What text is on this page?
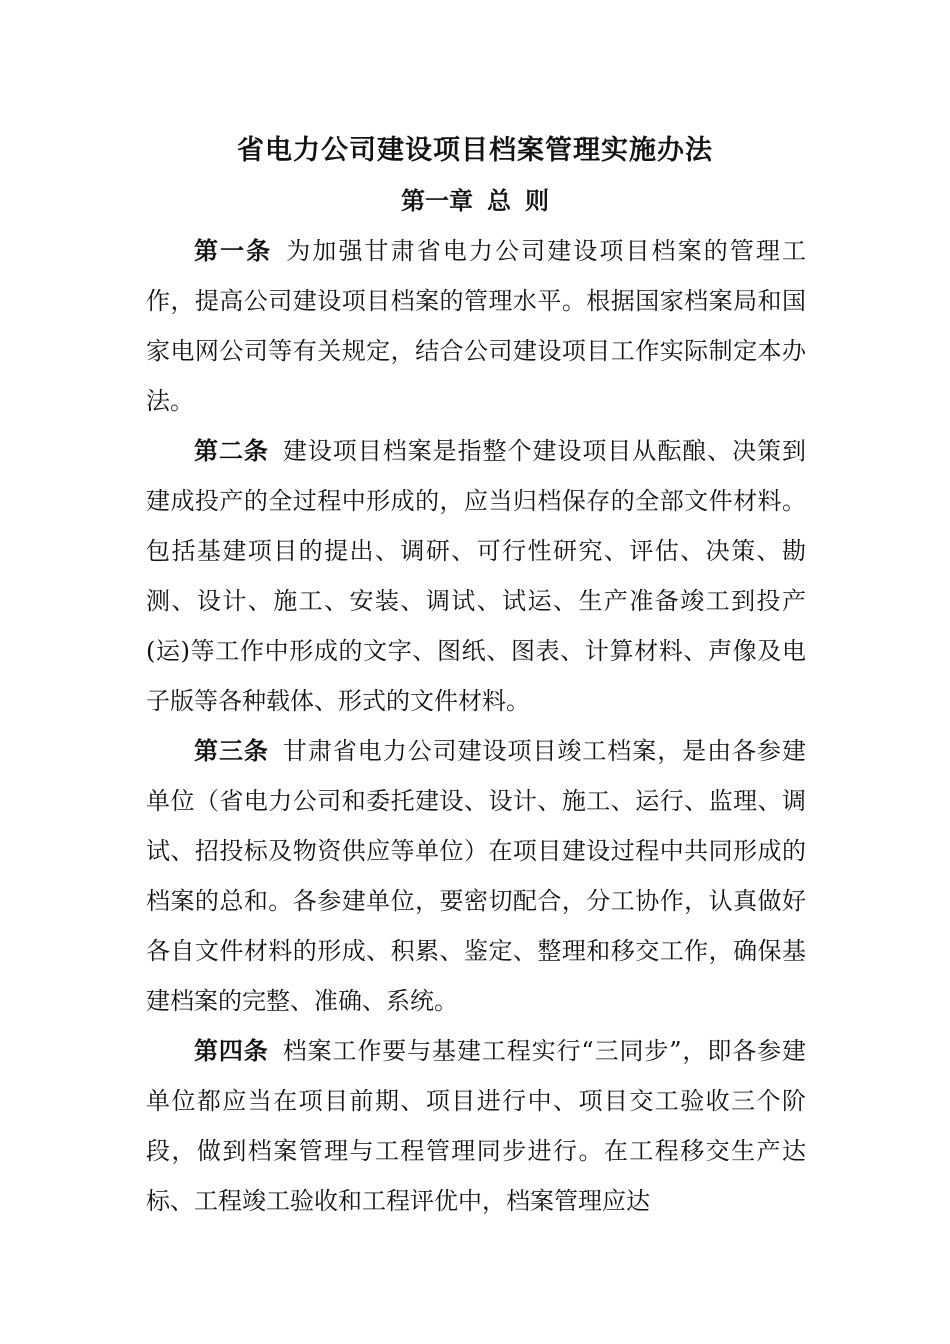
省电力公司建设项目档案管理实施办法
第一章 总 则

第一条 为加强甘肃省电力公司建设项目档案的管理工作，提高公司建设项目档案的管理水平。根据国家档案局和国家电网公司等有关规定，结合公司建设项目工作实际制定本办法。

第二条 建设项目档案是指整个建设项目从酝酿、决策到建成投产的全过程中形成的，应当归档保存的全部文件材料。包括基建项目的提出、调研、可行性研究、评估、决策、勘测、设计、施工、安装、调试、试运、生产准备竣工到投产(运)等工作中形成的文字、图纸、图表、计算材料、声像及电子版等各种载体、形式的文件材料。

第三条 甘肃省电力公司建设项目竣工档案，是由各参建单位（省电力公司和委托建设、设计、施工、运行、监理、调试、招投标及物资供应等单位）在项目建设过程中共同形成的档案的总和。各参建单位，要密切配合，分工协作，认真做好各自文件材料的形成、积累、鉴定、整理和移交工作，确保基建档案的完整、准确、系统。

第四条 档案工作要与基建工程实行“三同步”，即各参建单位都应当在项目前期、项目进行中、项目交工验收三个阶段，做到档案管理与工程管理同步进行。在工程移交生产达标、工程竣工验收和工程评优中，档案管理应达
